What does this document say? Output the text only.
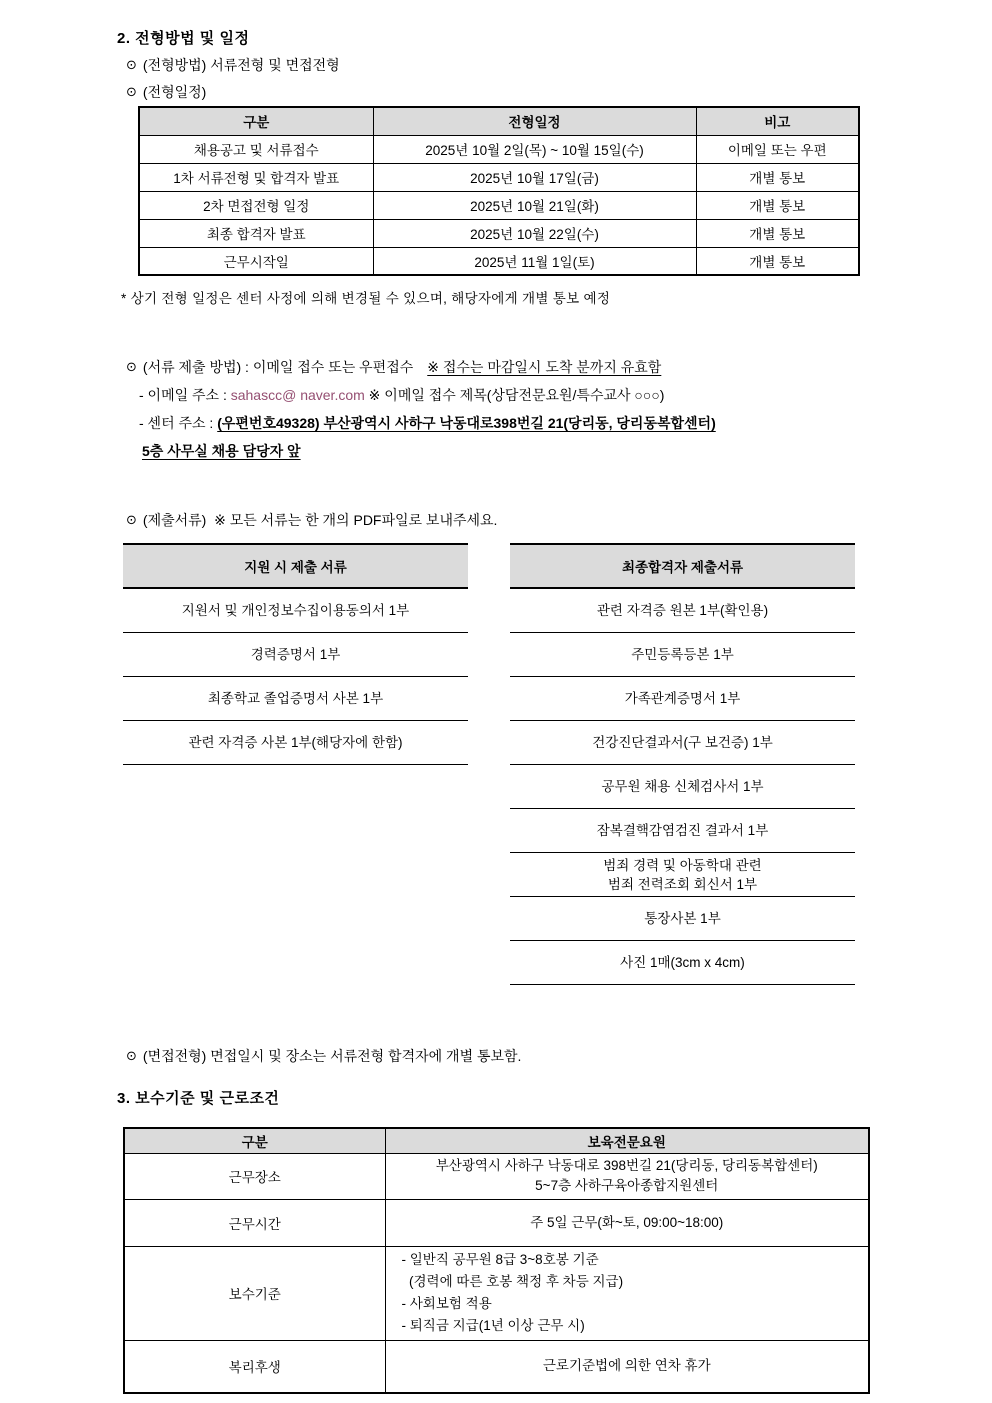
2. 전형방법 및 일정
⊙ (전형방법) 서류전형 및 면접전형
⊙ (전형일정)
구분	전형일정	비고
채용공고 및 서류접수	2025년 10월 2일(목) ~ 10월 15일(수)	이메일 또는 우편
1차 서류전형 및 합격자 발표	2025년 10월 17일(금)	개별 통보
2차 면접전형 일정	2025년 10월 21일(화)	개별 통보
최종 합격자 발표	2025년 10월 22일(수)	개별 통보
근무시작일	2025년 11월 1일(토)	개별 통보
* 상기 전형 일정은 센터 사정에 의해 변경될 수 있으며, 해당자에게 개별 통보 예정
⊙ (서류 제출 방법) : 이메일 접수 또는 우편접수 ※ 접수는 마감일시 도착 분까지 유효함
- 이메일 주소 : sahascc@ naver.com ※ 이메일 접수 제목(상담전문요원/특수교사 ○○○)
- 센터 주소 : (우편번호49328) 부산광역시 사하구 낙동대로398번길 21(당리동, 당리동복합센터)
5층 사무실 채용 담당자 앞
⊙ (제출서류)  ※ 모든 서류는 한 개의 PDF파일로 보내주세요.
지원 시 제출 서류
지원서 및 개인정보수집이용동의서 1부
경력증명서 1부
최종학교 졸업증명서 사본 1부
관련 자격증 사본 1부(해당자에 한함)
최종합격자 제출서류
관련 자격증 원본 1부(확인용)
주민등록등본 1부
가족관계증명서 1부
건강진단결과서(구 보건증) 1부
공무원 채용 신체검사서 1부
잠복결핵감염검진 결과서 1부
범죄 경력 및 아동학대 관련
범죄 전력조회 회신서 1부
통장사본 1부
사진 1매(3cm x 4cm)
⊙ (면접전형) 면접일시 및 장소는 서류전형 합격자에 개별 통보함.
3. 보수기준 및 근로조건
구분	보육전문요원
근무장소	부산광역시 사하구 낙동대로 398번길 21(당리동, 당리동복합센터)
5~7층 사하구육아종합지원센터

근무시간	주 5일 근무(화~토, 09:00~18:00)
보수기준	- 일반직 공무원 8급 3~8호봉 기준
(경력에 따른 호봉 책정 후 차등 지급)
- 사회보험 적용
- 퇴직금 지급(1년 이상 근무 시)

복리후생	근로기준법에 의한 연차 휴가
